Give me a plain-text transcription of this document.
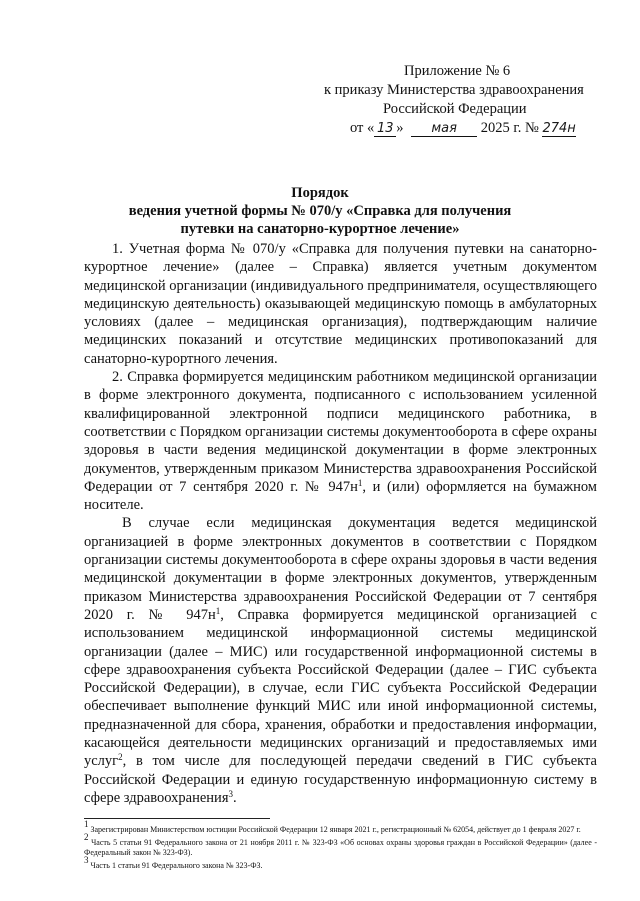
Приложение № 6
к приказу Министерства здравоохранения
Российской Федерации
от « 13 » мая 2025 г. № 274н
Порядок
ведения учетной формы № 070/у «Справка для получения
путевки на санаторно-курортное лечение»

1. Учетная форма № 070/у «Справка для получения путевки на санаторно-курортное лечение» (далее – Справка) является учетным документом медицинской организации (индивидуального предпринимателя, осуществляющего медицинскую деятельность) оказывающей медицинскую помощь в амбулаторных условиях (далее – медицинская организация), подтверждающим наличие медицинских показаний и отсутствие медицинских противопоказаний для санаторно-курортного лечения.

2. Справка формируется медицинским работником медицинской организации в форме электронного документа, подписанного с использованием усиленной квалифицированной электронной подписи медицинского работника, в соответствии с Порядком организации системы документооборота в сфере охраны здоровья в части ведения медицинской документации в форме электронных документов, утвержденным приказом Министерства здравоохранения Российской Федерации от 7 сентября 2020 г. № $947н^1$, и (или) оформляется на бумажном носителе.

В случае если медицинская документация ведется медицинской организацией в форме электронных документов в соответствии с Порядком организации системы документооборота в сфере охраны здоровья в части ведения медицинской документации в форме электронных документов, утвержденным приказом Министерства здравоохранения Российской Федерации от 7 сентября 2020 г. № $947н^1$, Справка формируется медицинской организацией с использованием медицинской информационной системы медицинской организации (далее – МИС) или государственной информационной системы в сфере здравоохранения субъекта Российской Федерации (далее – ГИС субъекта Российской Федерации), в случае, если ГИС субъекта Российской Федерации обеспечивает выполнение функций МИС или иной информационной системы, предназначенной для сбора, хранения, обработки и предоставления информации, касающейся деятельности медицинских организаций и предоставляемых ими услуг$^2$, в том числе для последующей передачи сведений в ГИС субъекта Российской Федерации и единую государственную информационную систему в сфере здравоохранения$^3$.

$^1$ Зарегистрирован Министерством юстиции Российской Федерации 12 января 2021 г., регистрационный № 62054, действует до 1 февраля 2027 г.
$^2$ Часть 5 статьи 91 Федерального закона от 21 ноября 2011 г. № 323-ФЗ «Об основах охраны здоровья граждан в Российской Федерации» (далее - Федеральный закон № 323-ФЗ).
$^3$ Часть 1 статьи 91 Федерального закона № 323-ФЗ.
